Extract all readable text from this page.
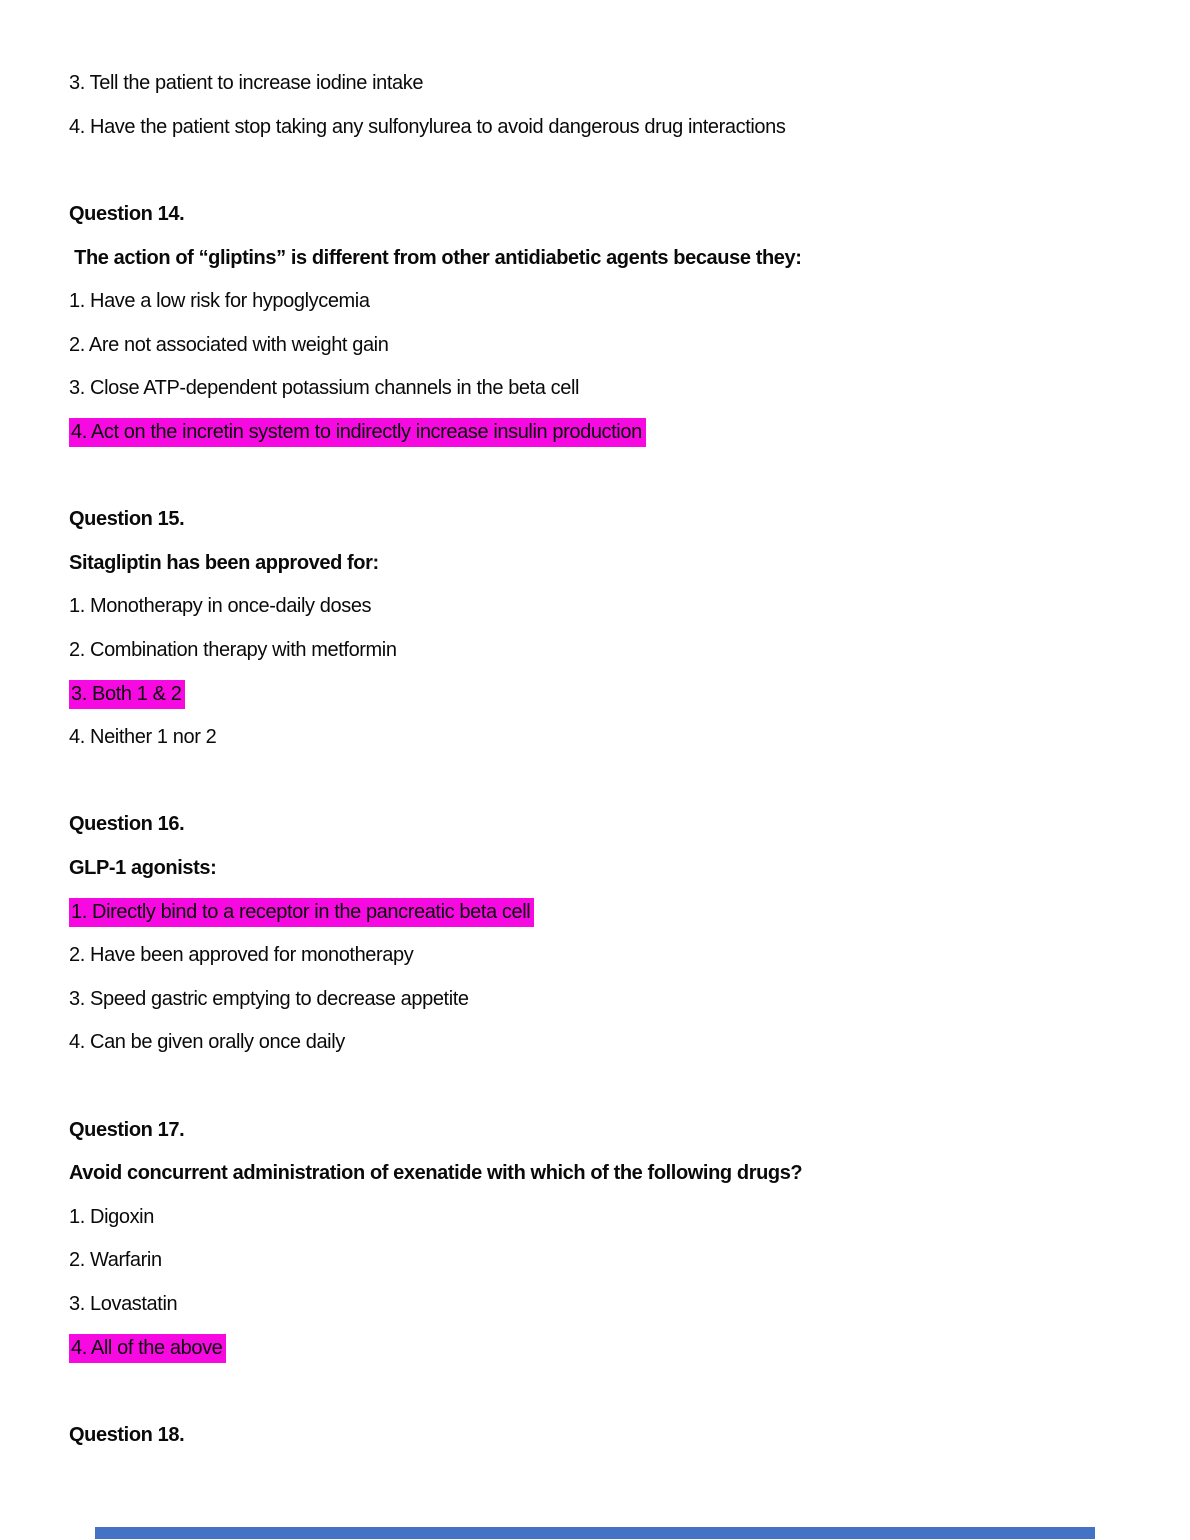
3. Tell the patient to increase iodine intake
4. Have the patient stop taking any sulfonylurea to avoid dangerous drug interactions
Question 14.
The action of “gliptins” is different from other antidiabetic agents because they:
1. Have a low risk for hypoglycemia
2. Are not associated with weight gain
3. Close ATP-dependent potassium channels in the beta cell
4. Act on the incretin system to indirectly increase insulin production
Question 15.
Sitagliptin has been approved for:
1. Monotherapy in once-daily doses
2. Combination therapy with metformin
3. Both 1 & 2
4. Neither 1 nor 2
Question 16.
GLP-1 agonists:
1. Directly bind to a receptor in the pancreatic beta cell
2. Have been approved for monotherapy
3. Speed gastric emptying to decrease appetite
4. Can be given orally once daily
Question 17.
Avoid concurrent administration of exenatide with which of the following drugs?
1. Digoxin
2. Warfarin
3. Lovastatin
4. All of the above
Question 18.
